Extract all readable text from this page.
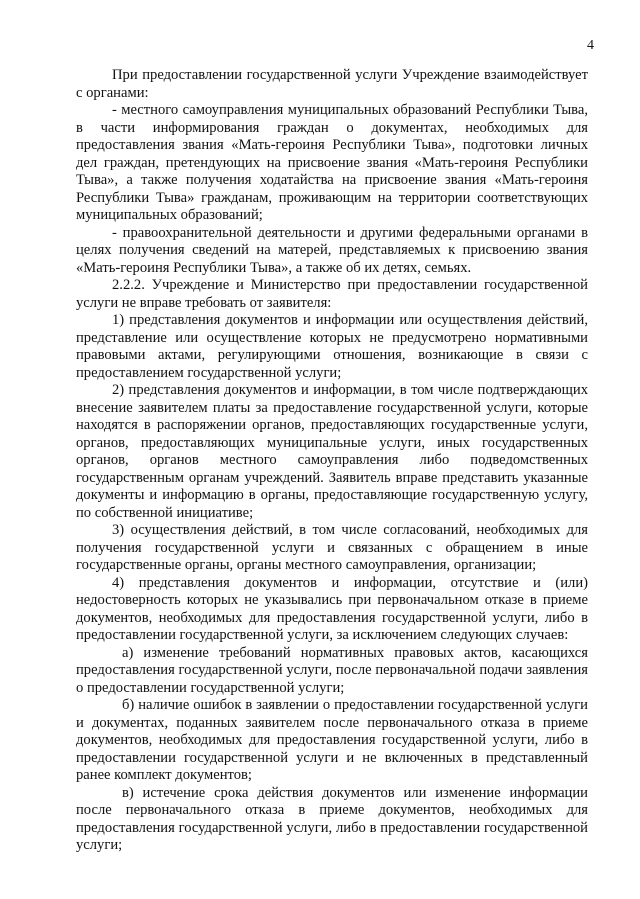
4

При предоставлении государственной услуги Учреждение взаимодействует с органами:

- местного самоуправления муниципальных образований Республики Тыва, в части информирования граждан о документах, необходимых для предоставления звания «Мать-героиня Республики Тыва», подготовки личных дел граждан, претендующих на присвоение звания «Мать-героиня Республики Тыва», а также получения ходатайства на присвоение звания «Мать-героиня Республики Тыва» гражданам, проживающим на территории соответствующих муниципальных образований;

- правоохранительной деятельности и другими федеральными органами в целях получения сведений на матерей, представляемых к присвоению звания «Мать-героиня Республики Тыва», а также об их детях, семьях.

2.2.2. Учреждение и Министерство при предоставлении государственной услуги не вправе требовать от заявителя:

1) представления документов и информации или осуществления действий, представление или осуществление которых не предусмотрено нормативными правовыми актами, регулирующими отношения, возникающие в связи с предоставлением государственной услуги;

2) представления документов и информации, в том числе подтверждающих внесение заявителем платы за предоставление государственной услуги, которые находятся в распоряжении органов, предоставляющих государственные услуги, органов, предоставляющих муниципальные услуги, иных государственных органов, органов местного самоуправления либо подведомственных государственным органам учреждений. Заявитель вправе представить указанные документы и информацию в органы, предоставляющие государственную услугу, по собственной инициативе;

3) осуществления действий, в том числе согласований, необходимых для получения государственной услуги и связанных с обращением в иные государственные органы, органы местного самоуправления, организации;

4) представления документов и информации, отсутствие и (или) недостоверность которых не указывались при первоначальном отказе в приеме документов, необходимых для предоставления государственной услуги, либо в предоставлении государственной услуги, за исключением следующих случаев:

а) изменение требований нормативных правовых актов, касающихся предоставления государственной услуги, после первоначальной подачи заявления о предоставлении государственной услуги;

б) наличие ошибок в заявлении о предоставлении государственной услуги и документах, поданных заявителем после первоначального отказа в приеме документов, необходимых для предоставления государственной услуги, либо в предоставлении государственной услуги и не включенных в представленный ранее комплект документов;

в) истечение срока действия документов или изменение информации после первоначального отказа в приеме документов, необходимых для предоставления государственной услуги, либо в предоставлении государственной услуги;
